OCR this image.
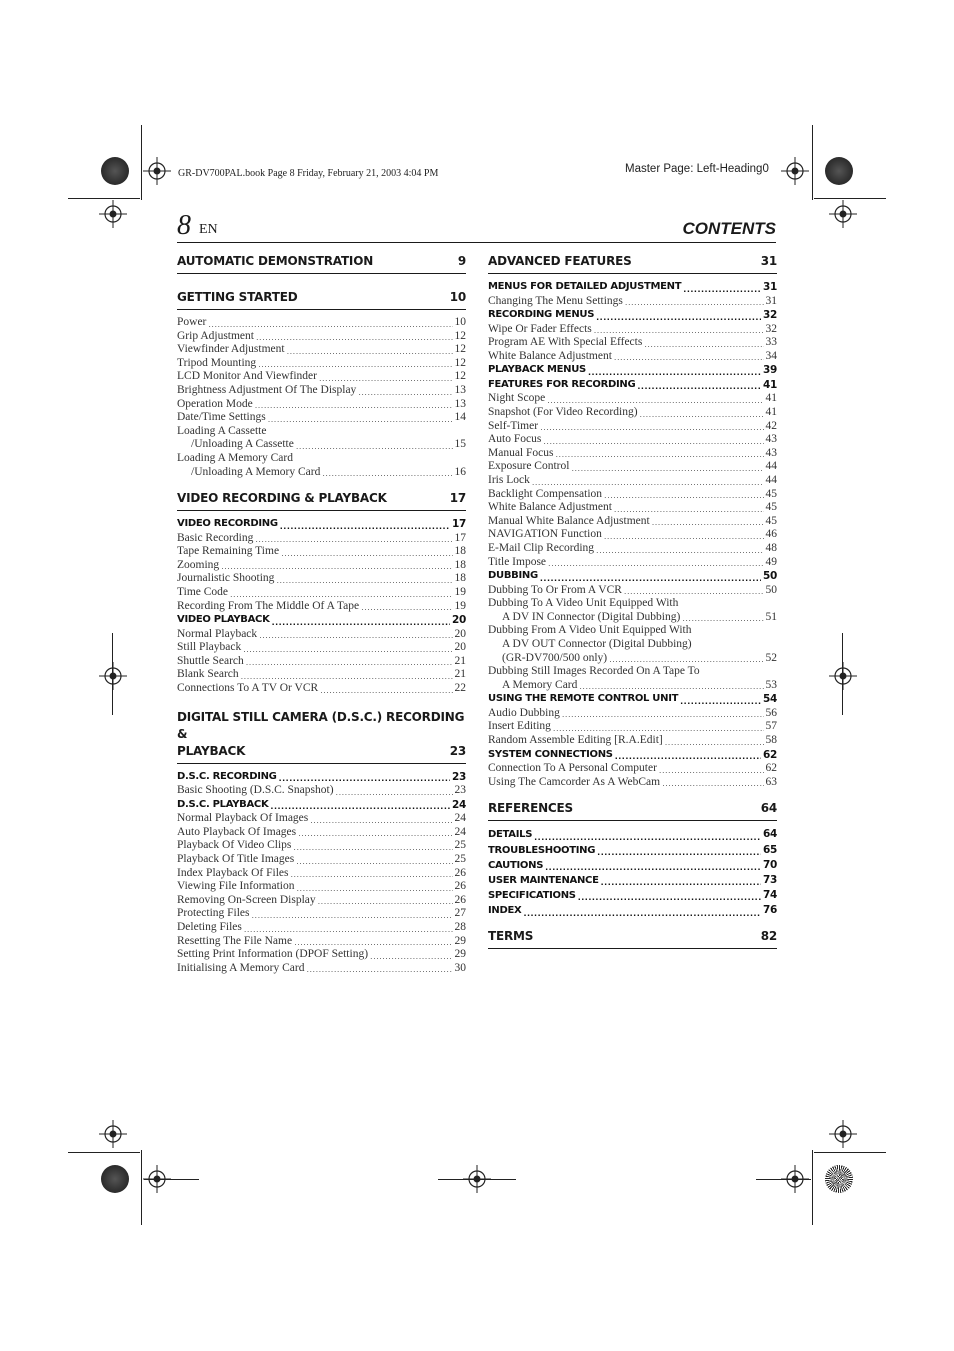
GR-DV700PAL.book Page 8 Friday, February 21, 2003 4:04 PM	Master Page: Left-Heading0
8 EN	CONTENTS
AUTOMATIC DEMONSTRATION	9
GETTING STARTED	10
Power .....	10
Grip Adjustment .....	12
Viewfinder Adjustment .....	12
Tripod Mounting .....	12
LCD Monitor And Viewfinder .....	12
Brightness Adjustment Of The Display .....	13
Operation Mode .....	13
Date/Time Settings .....	14
Loading A Cassette
/Unloading A Cassette .....	15
Loading A Memory Card
/Unloading A Memory Card .....	16
VIDEO RECORDING & PLAYBACK	17
VIDEO RECORDING .....	17
Basic Recording .....	17
Tape Remaining Time .....	18
Zooming .....	18
Journalistic Shooting .....	18
Time Code .....	19
Recording From The Middle Of A Tape .....	19
VIDEO PLAYBACK .....	20
Normal Playback .....	20
Still Playback .....	20
Shuttle Search .....	21
Blank Search .....	21
Connections To A TV Or VCR .....	22
DIGITAL STILL CAMERA (D.S.C.) RECORDING &
PLAYBACK	23
D.S.C. RECORDING .....	23
Basic Shooting (D.S.C. Snapshot) .....	23
D.S.C. PLAYBACK .....	24
Normal Playback Of Images .....	24
Auto Playback Of Images .....	24
Playback Of Video Clips .....	25
Playback Of Title Images .....	25
Index Playback Of Files .....	26
Viewing File Information .....	26
Removing On-Screen Display .....	26
Protecting Files .....	27
Deleting Files .....	28
Resetting The File Name .....	29
Setting Print Information (DPOF Setting) .....	29
Initialising A Memory Card .....	30
ADVANCED FEATURES	31
MENUS FOR DETAILED ADJUSTMENT .....	31
Changing The Menu Settings .....	31
RECORDING MENUS .....	32
Wipe Or Fader Effects .....	32
Program AE With Special Effects .....	33
White Balance Adjustment .....	34
PLAYBACK MENUS .....	39
FEATURES FOR RECORDING .....	41
Night Scope .....	41
Snapshot (For Video Recording) .....	41
Self-Timer .....	42
Auto Focus .....	43
Manual Focus .....	43
Exposure Control .....	44
Iris Lock .....	44
Backlight Compensation .....	45
White Balance Adjustment .....	45
Manual White Balance Adjustment .....	45
NAVIGATION Function .....	46
E-Mail Clip Recording .....	48
Title Impose .....	49
DUBBING .....	50
Dubbing To Or From A VCR .....	50
Dubbing To A Video Unit Equipped With
A DV IN Connector (Digital Dubbing) .....	51
Dubbing From A Video Unit Equipped With
A DV OUT Connector (Digital Dubbing)
(GR-DV700/500 only) .....	52
Dubbing Still Images Recorded On A Tape To
A Memory Card .....	53
USING THE REMOTE CONTROL UNIT .....	54
Audio Dubbing .....	56
Insert Editing .....	57
Random Assemble Editing [R.A.Edit] .....	58
SYSTEM CONNECTIONS .....	62
Connection To A Personal Computer .....	62
Using The Camcorder As A WebCam .....	63
REFERENCES	64
DETAILS .....	64
TROUBLESHOOTING .....	65
CAUTIONS .....	70
USER MAINTENANCE .....	73
SPECIFICATIONS .....	74
INDEX .....	76
TERMS	82
